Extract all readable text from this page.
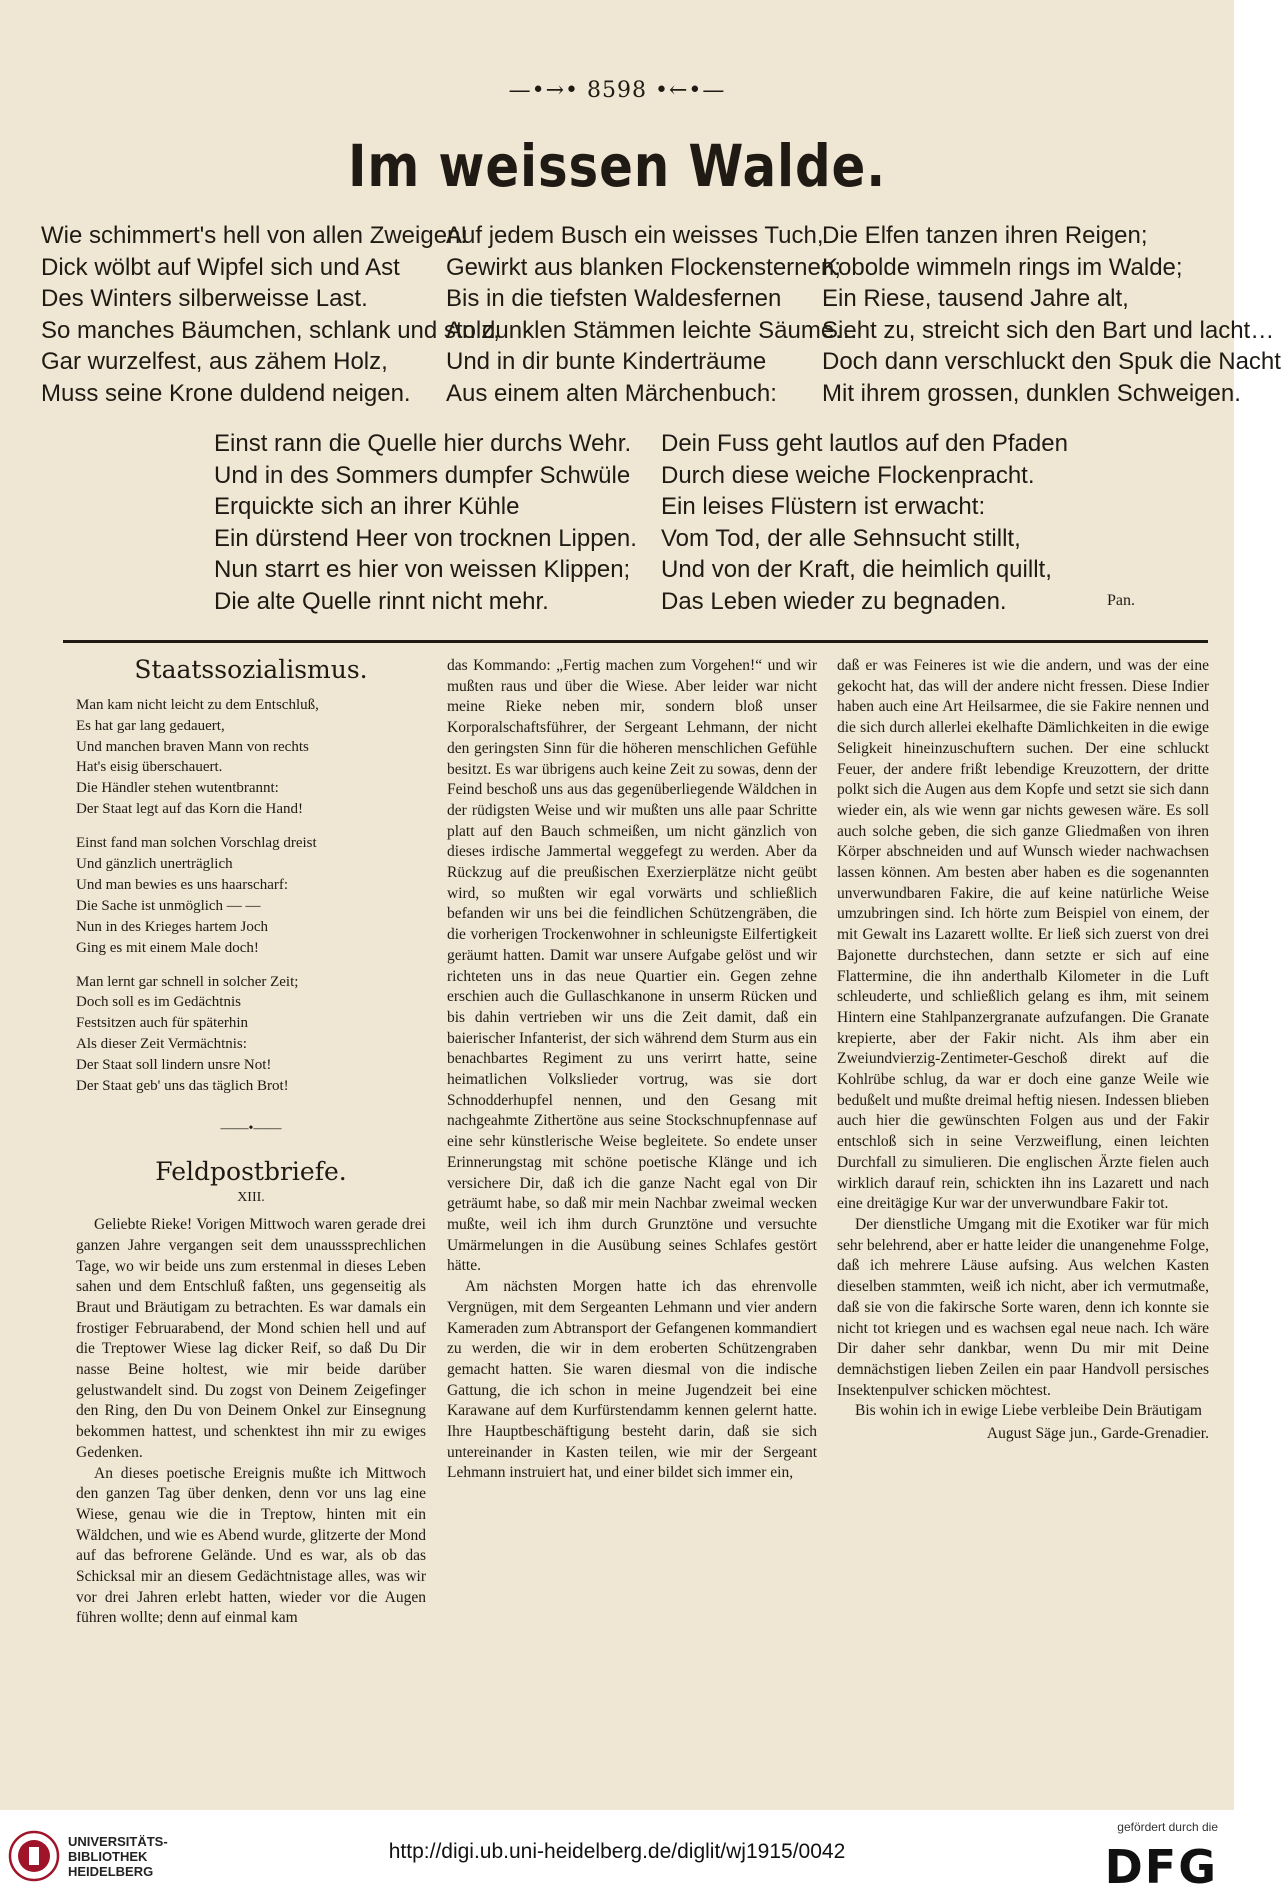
—•→• 8598 •←•—
Im weissen Walde.
Wie schimmert's hell von allen Zweigen!
Dick wölbt auf Wipfel sich und Ast
Des Winters silberweisse Last.
So manches Bäumchen, schlank und stolz,
Gar wurzelfest, aus zähem Holz,
Muss seine Krone duldend neigen.
Auf jedem Busch ein weisses Tuch,
Gewirkt aus blanken Flockensternen;
Bis in die tiefsten Waldesfernen
An dunklen Stämmen leichte Säume…
Und in dir bunte Kinderträume
Aus einem alten Märchenbuch:
Die Elfen tanzen ihren Reigen;
Kobolde wimmeln rings im Walde;
Ein Riese, tausend Jahre alt,
Sieht zu, streicht sich den Bart und lacht…
Doch dann verschluckt den Spuk die Nacht
Mit ihrem grossen, dunklen Schweigen.
Einst rann die Quelle hier durchs Wehr.
Und in des Sommers dumpfer Schwüle
Erquickte sich an ihrer Kühle
Ein dürstend Heer von trocknen Lippen.
Nun starrt es hier von weissen Klippen;
Die alte Quelle rinnt nicht mehr.
Dein Fuss geht lautlos auf den Pfaden
Durch diese weiche Flockenpracht.
Ein leises Flüstern ist erwacht:
Vom Tod, der alle Sehnsucht stillt,
Und von der Kraft, die heimlich quillt,
Das Leben wieder zu begnaden.	Pan.
Staatssozialismus.
Man kam nicht leicht zu dem Entschluß,
Es hat gar lang gedauert,
Und manchen braven Mann von rechts
Hat's eisig überschauert.
Die Händler stehen wutentbrannt:
Der Staat legt auf das Korn die Hand!
Einst fand man solchen Vorschlag dreist
Und gänzlich unerträglich
Und man bewies es uns haarscharf:
Die Sache ist unmöglich — —
Nun in des Krieges hartem Joch
Ging es mit einem Male doch!
Man lernt gar schnell in solcher Zeit;
Doch soll es im Gedächtnis
Festsitzen auch für späterhin
Als dieser Zeit Vermächtnis:
Der Staat soll lindern unsre Not!
Der Staat geb' uns das täglich Brot!
——•——
Feldpostbriefe.
XIII.

Geliebte Rieke! Vorigen Mittwoch waren gerade drei ganzen Jahre vergangen seit dem unausssprechlichen Tage, wo wir beide uns zum erstenmal in dieses Leben sahen und dem Entschluß faßten, uns gegenseitig als Braut und Bräutigam zu betrachten. Es war damals ein frostiger Februarabend, der Mond schien hell und auf die Treptower Wiese lag dicker Reif, so daß Du Dir nasse Beine holtest, wie mir beide darüber gelustwandelt sind. Du zogst von Deinem Zeigefinger den Ring, den Du von Deinem Onkel zur Einsegnung bekommen hattest, und schenktest ihn mir zu ewiges Gedenken.

An dieses poetische Ereignis mußte ich Mittwoch den ganzen Tag über denken, denn vor uns lag eine Wiese, genau wie die in Treptow, hinten mit ein Wäldchen, und wie es Abend wurde, glitzerte der Mond auf das befrorene Gelände. Und es war, als ob das Schicksal mir an diesem Gedächtnistage alles, was wir vor drei Jahren erlebt hatten, wieder vor die Augen führen wollte; denn auf einmal kam

das Kommando: „Fertig machen zum Vorgehen!“ und wir mußten raus und über die Wiese. Aber leider war nicht meine Rieke neben mir, sondern bloß unser Korporalschaftsführer, der Sergeant Lehmann, der nicht den geringsten Sinn für die höheren menschlichen Gefühle besitzt. Es war übrigens auch keine Zeit zu sowas, denn der Feind beschoß uns aus das gegenüberliegende Wäldchen in der rüdigsten Weise und wir mußten uns alle paar Schritte platt auf den Bauch schmeißen, um nicht gänzlich von dieses irdische Jammertal weggefegt zu werden. Aber da Rückzug auf die preußischen Exerzierplätze nicht geübt wird, so mußten wir egal vorwärts und schließlich befanden wir uns bei die feindlichen Schützengräben, die die vorherigen Trockenwohner in schleunigste Eilfertigkeit geräumt hatten. Damit war unsere Aufgabe gelöst und wir richteten uns in das neue Quartier ein. Gegen zehne erschien auch die Gullaschkanone in unserm Rücken und bis dahin vertrieben wir uns die Zeit damit, daß ein baierischer Infanterist, der sich während dem Sturm aus ein benachbartes Regiment zu uns verirrt hatte, seine heimatlichen Volkslieder vortrug, was sie dort Schnodderhupfel nennen, und den Gesang mit nachgeahmte Zithertöne aus seine Stockschnupfennase auf eine sehr künstlerische Weise begleitete. So endete unser Erinnerungstag mit schöne poetische Klänge und ich versichere Dir, daß ich die ganze Nacht egal von Dir geträumt habe, so daß mir mein Nachbar zweimal wecken mußte, weil ich ihm durch Grunztöne und versuchte Umärmelungen in die Ausübung seines Schlafes gestört hätte.

Am nächsten Morgen hatte ich das ehrenvolle Vergnügen, mit dem Sergeanten Lehmann und vier andern Kameraden zum Abtransport der Gefangenen kommandiert zu werden, die wir in dem eroberten Schützengraben gemacht hatten. Sie waren diesmal von die indische Gattung, die ich schon in meine Jugendzeit bei eine Karawane auf dem Kurfürstendamm kennen gelernt hatte. Ihre Hauptbeschäftigung besteht darin, daß sie sich untereinander in Kasten teilen, wie mir der Sergeant Lehmann instruiert hat, und einer bildet sich immer ein,

daß er was Feineres ist wie die andern, und was der eine gekocht hat, das will der andere nicht fressen. Diese Indier haben auch eine Art Heilsarmee, die sie Fakire nennen und die sich durch allerlei ekelhafte Dämlichkeiten in die ewige Seligkeit hineinzuschuftern suchen. Der eine schluckt Feuer, der andere frißt lebendige Kreuzottern, der dritte polkt sich die Augen aus dem Kopfe und setzt sie sich dann wieder ein, als wie wenn gar nichts gewesen wäre. Es soll auch solche geben, die sich ganze Gliedmaßen von ihren Körper abschneiden und auf Wunsch wieder nachwachsen lassen können. Am besten aber haben es die sogenannten unverwundbaren Fakire, die auf keine natürliche Weise umzubringen sind. Ich hörte zum Beispiel von einem, der mit Gewalt ins Lazarett wollte. Er ließ sich zuerst von drei Bajonette durchstechen, dann setzte er sich auf eine Flattermine, die ihn anderthalb Kilometer in die Luft schleuderte, und schließlich gelang es ihm, mit seinem Hintern eine Stahlpanzergranate aufzufangen. Die Granate krepierte, aber der Fakir nicht. Als ihm aber ein Zweiundvierzig-Zentimeter-Geschoß direkt auf die Kohlrübe schlug, da war er doch eine ganze Weile wie bedußelt und mußte dreimal heftig niesen. Indessen blieben auch hier die gewünschten Folgen aus und der Fakir entschloß sich in seine Verzweiflung, einen leichten Durchfall zu simulieren. Die englischen Ärzte fielen auch wirklich darauf rein, schickten ihn ins Lazarett und nach eine dreitägige Kur war der unverwundbare Fakir tot.

Der dienstliche Umgang mit die Exotiker war für mich sehr belehrend, aber er hatte leider die unangenehme Folge, daß ich mehrere Läuse aufsing. Aus welchen Kasten dieselben stammten, weiß ich nicht, aber ich vermutmaße, daß sie von die fakirsche Sorte waren, denn ich konnte sie nicht tot kriegen und es wachsen egal neue nach. Ich wäre Dir daher sehr dankbar, wenn Du mir mit Deine demnächstigen lieben Zeilen ein paar Handvoll persisches Insektenpulver schicken möchtest.

Bis wohin ich in ewige Liebe verbleibe Dein Bräutigam

August Säge jun., Garde-Grenadier.
UNIVERSITÄTS-
BIBLIOTHEK
HEIDELBERG
http://digi.ub.uni-heidelberg.de/diglit/wj1915/0042
gefördert durch die
DFG
